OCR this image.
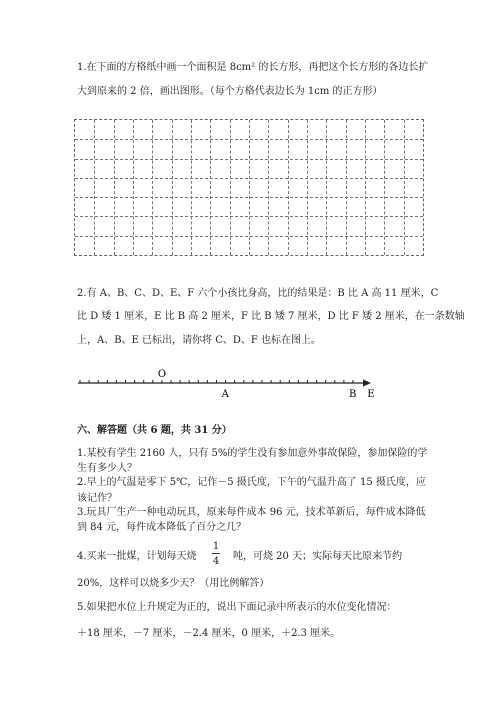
1.在下面的方格纸中画一个面积是 8cm² 的长方形，再把这个长方形的各边长扩
大到原来的 2 倍，画出图形。（每个方格代表边长为 1cm 的正方形）
2.有 A、B、C、D、E、F 六个小孩比身高，比的结果是：B 比 A 高 11 厘米，C
比 D 矮 1 厘米，E 比 B 高 2 厘米，F 比 B 矮 7 厘米，D 比 F 矮 2 厘米，在一条数轴
上，A、B、E 已标出，请你将 C、D、F 也标在图上。
O
A	B E
六、解答题（共 6 题，共 31 分）
1.某校有学生 2160 人，只有 5%的学生没有参加意外事故保险，参加保险的学
生有多少人？
2.早上的气温是零下 5℃，记作－5 摄氏度，下午的气温升高了 15 摄氏度，应
该记作？
3.玩具厂生产一种电动玩具，原来每件成本 96 元，技术革新后，每件成本降低
到 84 元，每件成本降低了百分之几？
4.买来一批煤，计划每天烧
1
4 吨，可烧 20 天；实际每天比原来节约
20%，这样可以烧多少天？（用比例解答）
5.如果把水位上升规定为正的，说出下面记录中所表示的水位变化情况：
＋18 厘米，－7 厘米，－2.4 厘米，0 厘米，＋2.3 厘米。
